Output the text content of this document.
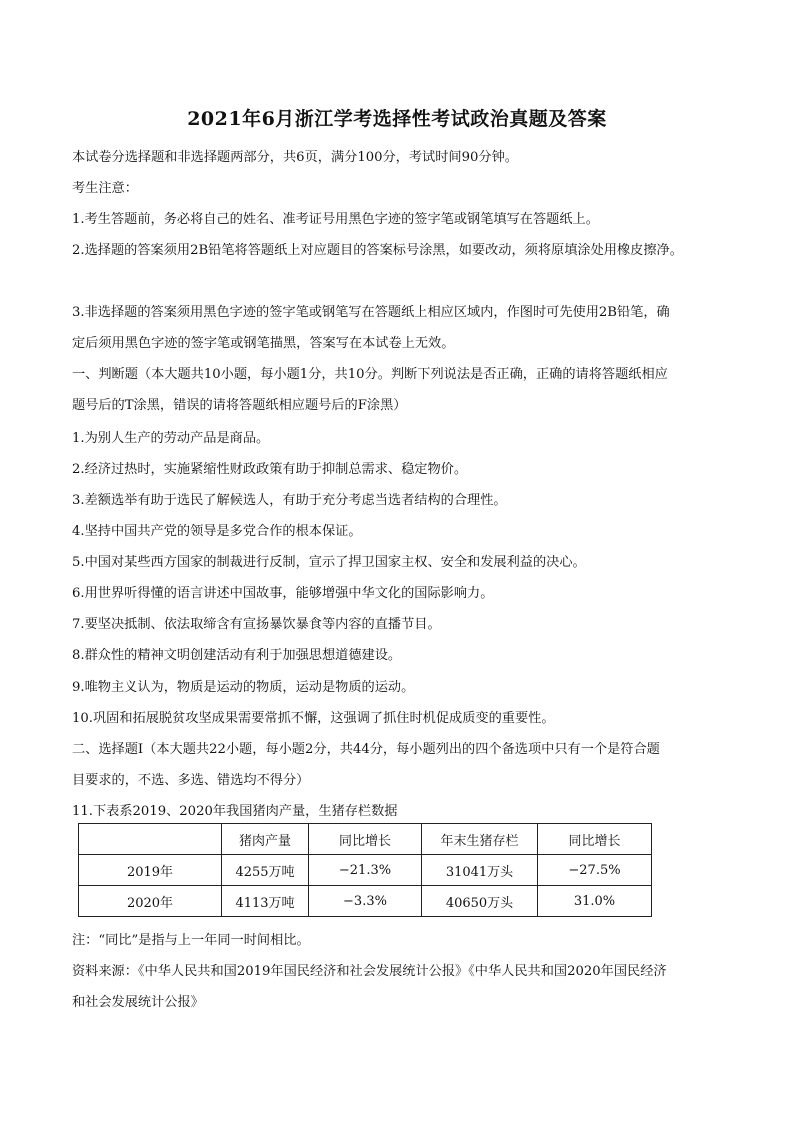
2021年6月浙江学考选择性考试政治真题及答案
本试卷分选择题和非选择题两部分，共6页，满分100分，考试时间90分钟。
考生注意：
1.考生答题前，务必将自己的姓名、准考证号用黑色字迹的签字笔或钢笔填写在答题纸上。
2.选择题的答案须用2B铅笔将答题纸上对应题目的答案标号涂黑，如要改动，须将原填涂处用橡皮擦净。
3.非选择题的答案须用黑色字迹的签字笔或钢笔写在答题纸上相应区域内，作图时可先使用2B铅笔，确
定后须用黑色字迹的签字笔或钢笔描黑，答案写在本试卷上无效。
一、判断题（本大题共10小题，每小题1分，共10分。判断下列说法是否正确，正确的请将答题纸相应
题号后的T涂黑，错误的请将答题纸相应题号后的F涂黑）
1.为别人生产的劳动产品是商品。
2.经济过热时，实施紧缩性财政政策有助于抑制总需求、稳定物价。
3.差额选举有助于选民了解候选人，有助于充分考虑当选者结构的合理性。
4.坚持中国共产党的领导是多党合作的根本保证。
5.中国对某些西方国家的制裁进行反制，宣示了捍卫国家主权、安全和发展利益的决心。
6.用世界听得懂的语言讲述中国故事，能够增强中华文化的国际影响力。
7.要坚决抵制、依法取缔含有宣扬暴饮暴食等内容的直播节目。
8.群众性的精神文明创建活动有利于加强思想道德建设。
9.唯物主义认为，物质是运动的物质，运动是物质的运动。
10.巩固和拓展脱贫攻坚成果需要常抓不懈，这强调了抓住时机促成质变的重要性。
二、选择题Ⅰ（本大题共22小题，每小题2分，共44分，每小题列出的四个备选项中只有一个是符合题
目要求的，不选、多选、错选均不得分）
11.下表系2019、2020年我国猪肉产量，生猪存栏数据
	猪肉产量	同比增长	年末生猪存栏	同比增长
2019年	4255万吨	−21.3%	31041万头	−27.5%
2020年	4113万吨	−3.3%	40650万头	31.0%
注：“同比”是指与上一年同一时间相比。
资料来源：《中华人民共和国2019年国民经济和社会发展统计公报》《中华人民共和国2020年国民经济
和社会发展统计公报》
